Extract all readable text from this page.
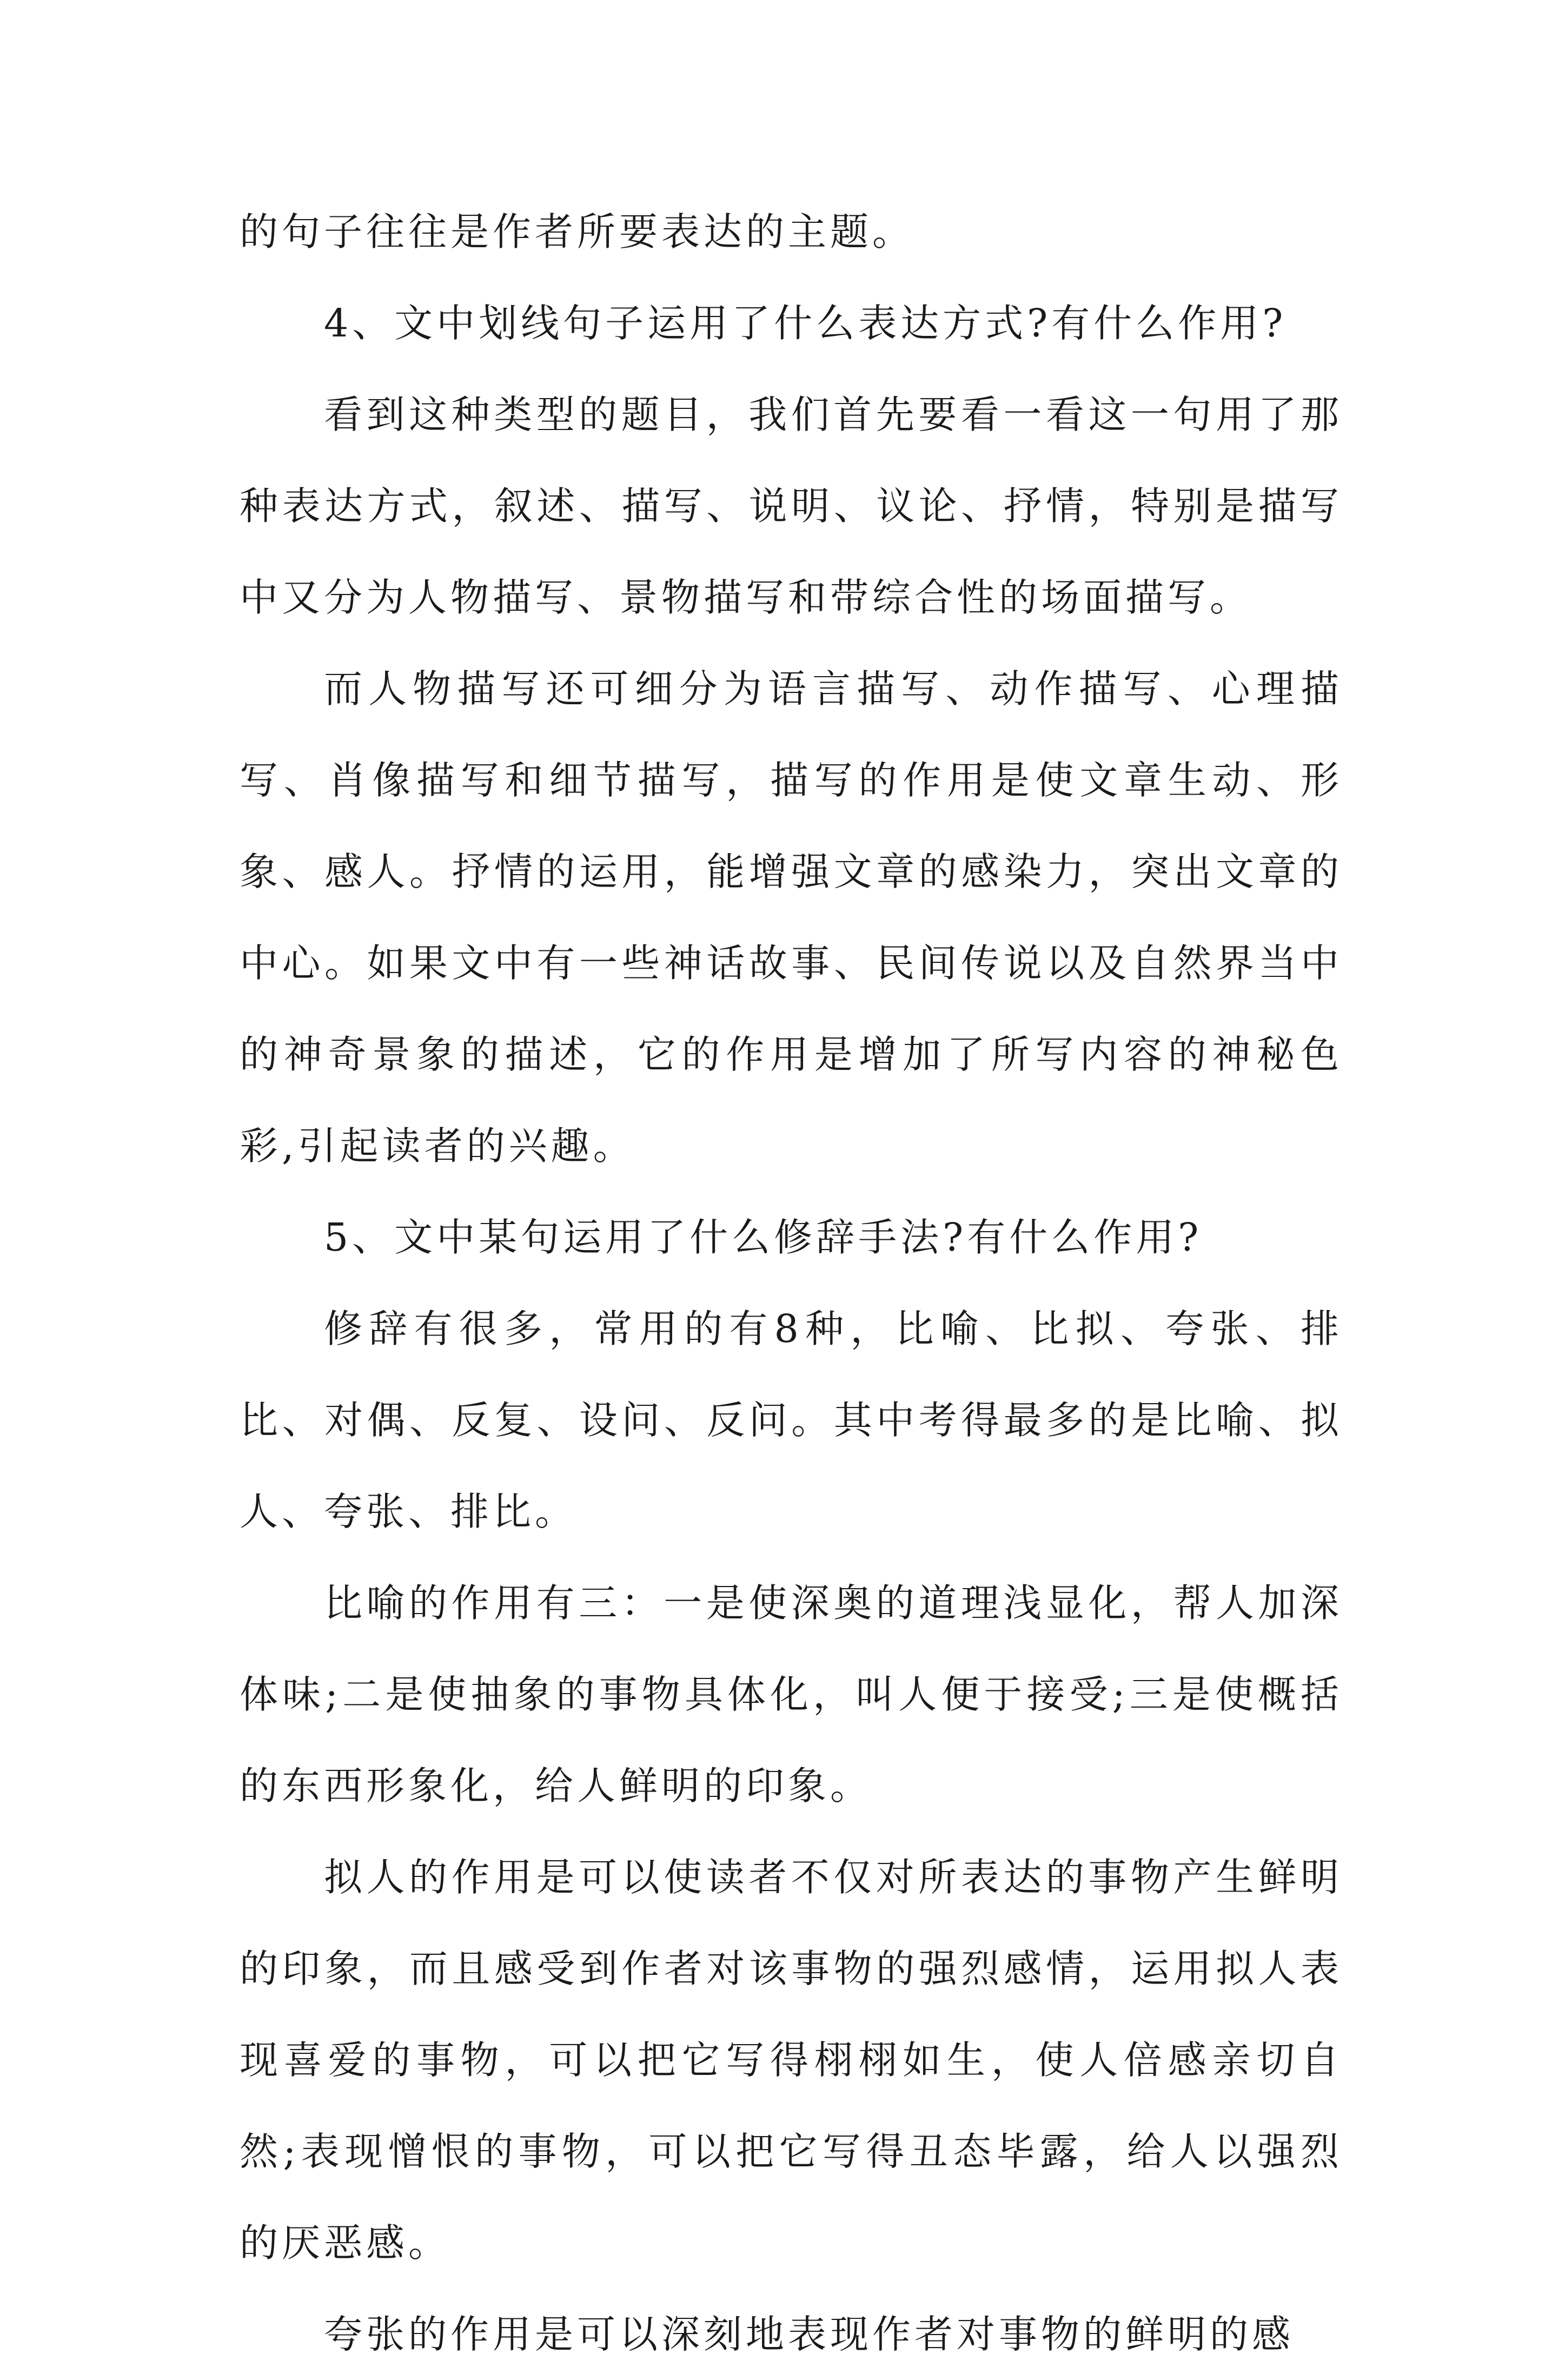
的句子往往是作者所要表达的主题。

4、文中划线句子运用了什么表达方式?有什么作用?

看到这种类型的题目，我们首先要看一看这一句用了那种表达方式，叙述、描写、说明、议论、抒情，特别是描写中又分为人物描写、景物描写和带综合性的场面描写。

而人物描写还可细分为语言描写、动作描写、心理描写、肖像描写和细节描写，描写的作用是使文章生动、形象、感人。抒情的运用，能增强文章的感染力，突出文章的中心。如果文中有一些神话故事、民间传说以及自然界当中的神奇景象的描述，它的作用是增加了所写内容的神秘色彩,引起读者的兴趣。

5、文中某句运用了什么修辞手法?有什么作用?

修辞有很多，常用的有8种，比喻、比拟、夸张、排比、对偶、反复、设问、反问。其中考得最多的是比喻、拟人、夸张、排比。

比喻的作用有三：一是使深奥的道理浅显化，帮人加深体味;二是使抽象的事物具体化，叫人便于接受;三是使概括的东西形象化，给人鲜明的印象。

拟人的作用是可以使读者不仅对所表达的事物产生鲜明的印象，而且感受到作者对该事物的强烈感情，运用拟人表现喜爱的事物，可以把它写得栩栩如生，使人倍感亲切自然;表现憎恨的事物，可以把它写得丑态毕露，给人以强烈的厌恶感。

夸张的作用是可以深刻地表现作者对事物的鲜明的感
